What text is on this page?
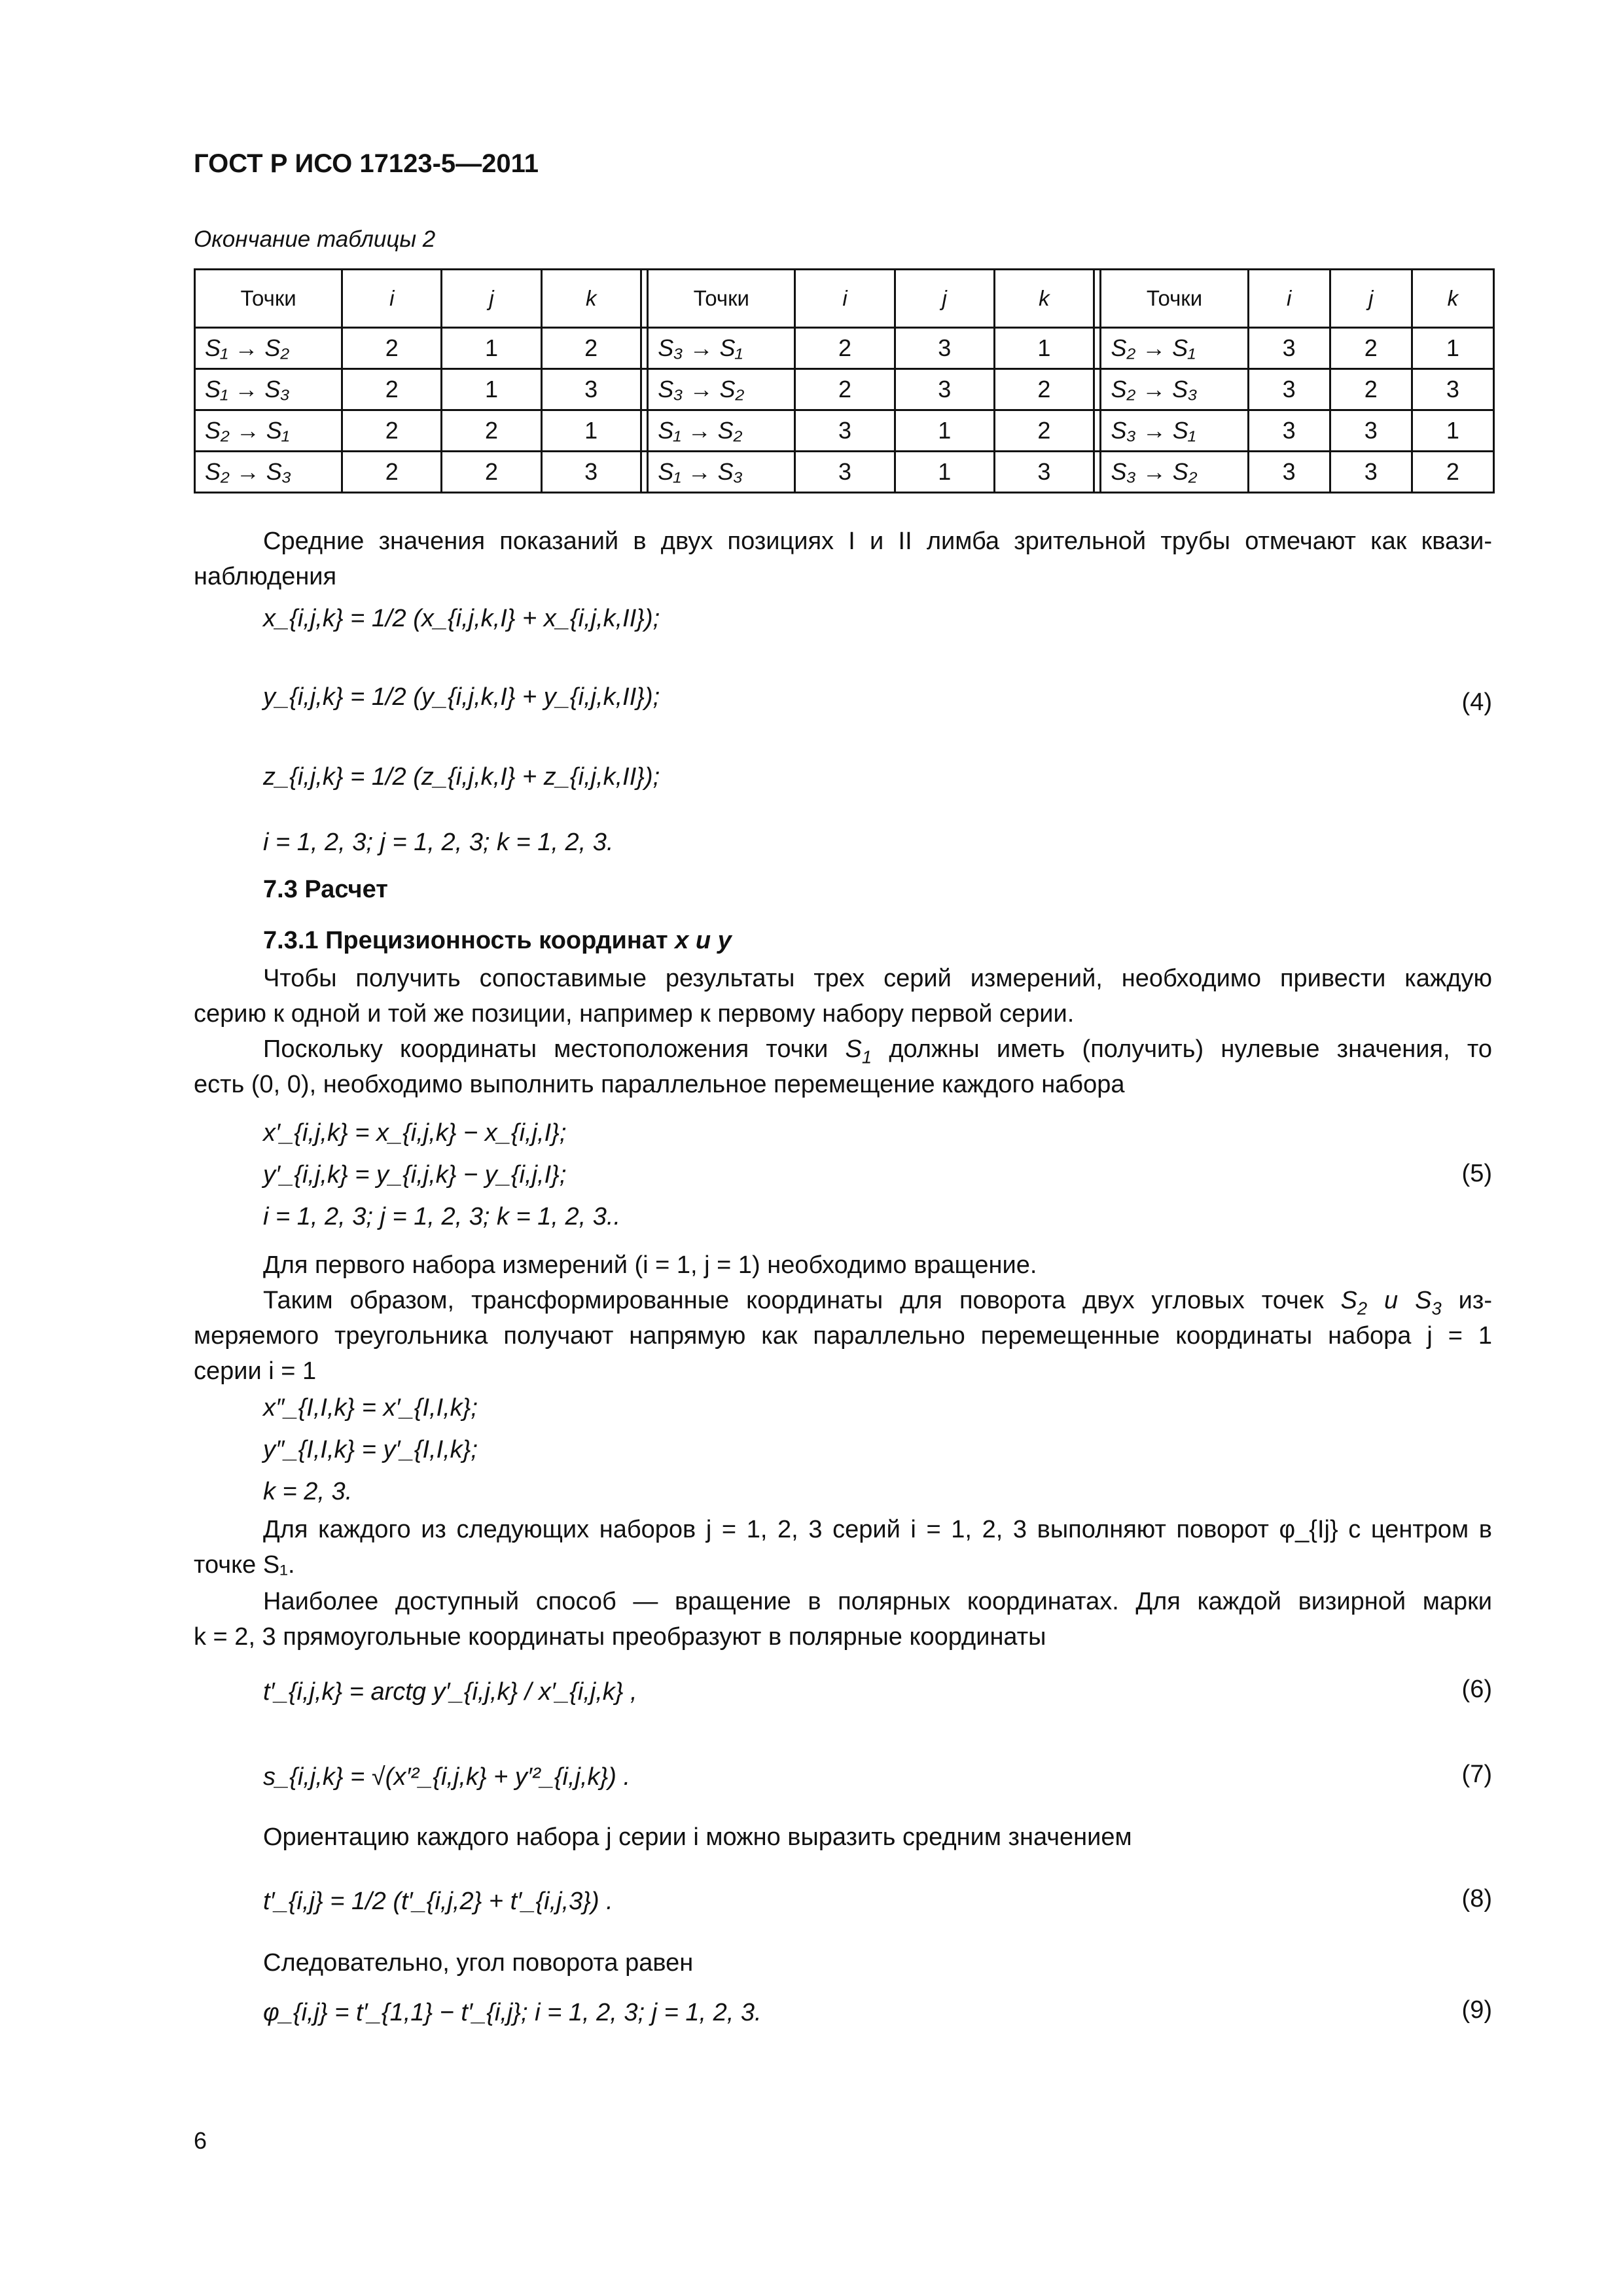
ГОСТ Р ИСО 17123-5—2011
Окончание таблицы 2
Точки	i	j	k		Точки	i	j	k		Точки	i	j	k
S₁ → S₂	2	1	2		S₃ → S₁	2	3	1		S₂ → S₁	3	2	1
S₁ → S₃	2	1	3		S₃ → S₂	2	3	2		S₂ → S₃	3	2	3
S₂ → S₁	2	2	1		S₁ → S₂	3	1	2		S₃ → S₁	3	3	1
S₂ → S₃	2	2	3		S₁ → S₃	3	1	3		S₃ → S₂	3	3	2
Средние значения показаний в двух позициях I и II лимба зрительной трубы отмечают как квази-
наблюдения
x_{i,j,k} = 1/2 (x_{i,j,k,I} + x_{i,j,k,II});
y_{i,j,k} = 1/2 (y_{i,j,k,I} + y_{i,j,k,II});	(4)
z_{i,j,k} = 1/2 (z_{i,j,k,I} + z_{i,j,k,II});
i = 1, 2, 3; j = 1, 2, 3; k = 1, 2, 3.
7.3 Расчет
7.3.1 Прецизионность координат x и y
Чтобы получить сопоставимые результаты трех серий измерений, необходимо привести каждую
серию к одной и той же позиции, например к первому набору первой серии.
Поскольку координаты местоположения точки $S_1$ должны иметь (получить) нулевые значения, то
есть (0, 0), необходимо выполнить параллельное перемещение каждого набора
x′_{i,j,k} = x_{i,j,k} − x_{i,j,I};
y′_{i,j,k} = y_{i,j,k} − y_{i,j,I};	(5)
i = 1, 2, 3; j = 1, 2, 3; k = 1, 2, 3..
Для первого набора измерений (i = 1, j = 1) необходимо вращение.
Таким образом, трансформированные координаты для поворота двух угловых точек $S_2$ и $S_3$ из-
меряемого треугольника получают напрямую как параллельно перемещенные координаты набора j = 1
серии i = 1
x″_{I,I,k} = x′_{I,I,k};
y″_{I,I,k} = y′_{I,I,k};
k = 2, 3.
Для каждого из следующих наборов j = 1, 2, 3 серий i = 1, 2, 3 выполняют поворот φ_{Ij} с центром в
точке S₁.
Наиболее доступный способ — вращение в полярных координатах. Для каждой визирной марки
k = 2, 3 прямоугольные координаты преобразуют в полярные координаты
t′_{i,j,k} = arctg y′_{i,j,k} / x′_{i,j,k} ,	(6)
s_{i,j,k} = √(x′²_{i,j,k} + y′²_{i,j,k}) .	(7)
Ориентацию каждого набора j серии i можно выразить средним значением
t′_{i,j} = 1/2 (t′_{i,j,2} + t′_{i,j,3}) .	(8)
Следовательно, угол поворота равен
φ_{i,j} = t′_{1,1} − t′_{i,j}; i = 1, 2, 3; j = 1, 2, 3.	(9)
6
